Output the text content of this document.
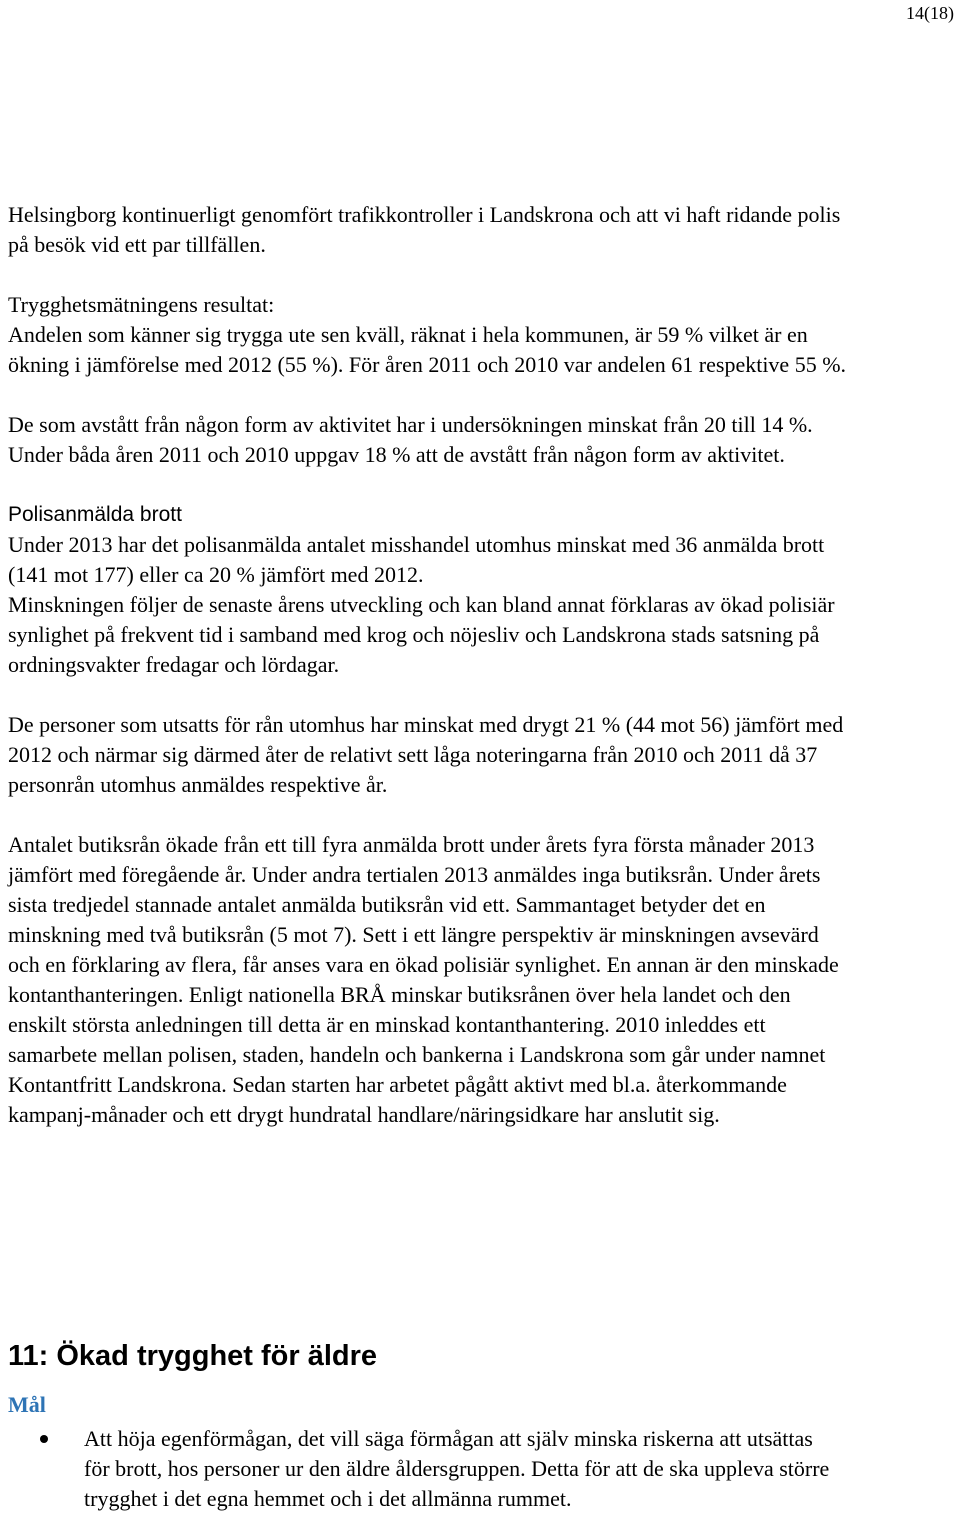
14(18)

Helsingborg kontinuerligt genomfört trafikkontroller i Landskrona och att vi haft ridande polis på besök vid ett par tillfällen.

Trygghetsmätningens resultat:

Andelen som känner sig trygga ute sen kväll, räknat i hela kommunen, är 59 % vilket är en ökning i jämförelse med 2012 (55 %). För åren 2011 och 2010 var andelen 61 respektive 55 %.

De som avstått från någon form av aktivitet har i undersökningen minskat från 20 till 14 %. Under båda åren 2011 och 2010 uppgav 18 % att de avstått från någon form av aktivitet.

Polisanmälda brott

Under 2013 har det polisanmälda antalet misshandel utomhus minskat med 36 anmälda brott (141 mot 177) eller ca 20 % jämfört med 2012.

Minskningen följer de senaste årens utveckling och kan bland annat förklaras av ökad polisiär synlighet på frekvent tid i samband med krog och nöjesliv och Landskrona stads satsning på ordningsvakter fredagar och lördagar.

De personer som utsatts för rån utomhus har minskat med drygt 21 % (44 mot 56) jämfört med 2012 och närmar sig därmed åter de relativt sett låga noteringarna från 2010 och 2011 då 37 personrån utomhus anmäldes respektive år.

Antalet butiksrån ökade från ett till fyra anmälda brott under årets fyra första månader 2013 jämfört med föregående år. Under andra tertialen 2013 anmäldes inga butiksrån. Under årets sista tredjedel stannade antalet anmälda butiksrån vid ett. Sammantaget betyder det en minskning med två butiksrån (5 mot 7). Sett i ett längre perspektiv är minskningen avsevärd och en förklaring av flera, får anses vara en ökad polisiär synlighet. En annan är den minskade kontanthanteringen. Enligt nationella BRÅ minskar butiksrånen över hela landet och den enskilt största anledningen till detta är en minskad kontanthantering. 2010 inleddes ett samarbete mellan polisen, staden, handeln och bankerna i Landskrona som går under namnet Kontantfritt Landskrona. Sedan starten har arbetet pågått aktivt med bl.a. återkommande kampanj-månader och ett drygt hundratal handlare/näringsidkare har anslutit sig.

11: Ökad trygghet för äldre
Mål
Att höja egenförmågan, det vill säga förmågan att själv minska riskerna att utsättas för brott, hos personer ur den äldre åldersgruppen. Detta för att de ska uppleva större trygghet i det egna hemmet och i det allmänna rummet.
